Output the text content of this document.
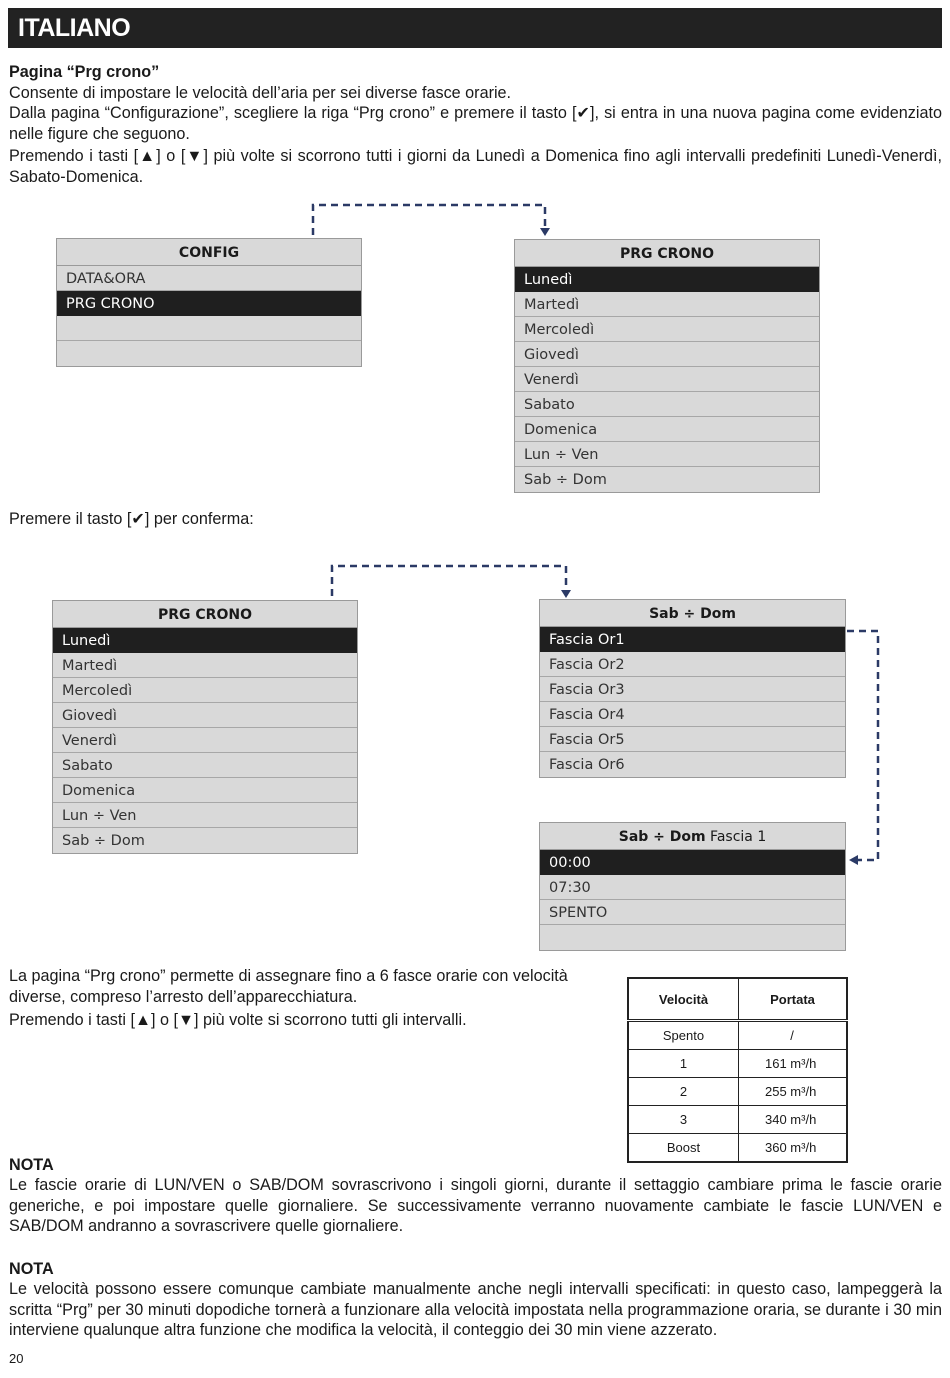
ITALIANO
Pagina “Prg crono”
Consente di impostare le velocità dell’aria per sei diverse fasce orarie.
Dalla pagina “Configurazione”, scegliere la riga “Prg crono” e premere il tasto [✔], si entra in una nuova pagina come evidenziato nelle figure che seguono.
Premendo i tasti [▲] o [▼] più volte si scorrono tutti i giorni da Lunedì a Domenica fino agli intervalli predefiniti Lunedì-Venerdì, Sabato-Domenica.
CONFIG
DATA&ORA
PRG CRONO
PRG CRONO
Lunedì
Martedì
Mercoledì
Giovedì
Venerdì
Sabato
Domenica
Lun ÷ Ven
Sab ÷ Dom
Premere il tasto [✔] per conferma:
PRG CRONO
Lunedì
Martedì
Mercoledì
Giovedì
Venerdì
Sabato
Domenica
Lun ÷ Ven
Sab ÷ Dom
Sab ÷ Dom
Fascia Or1
Fascia Or2
Fascia Or3
Fascia Or4
Fascia Or5
Fascia Or6
Sab ÷ Dom Fascia 1
00:00
07:30
SPENTO
La pagina “Prg crono” permette di assegnare fino a 6 fasce orarie con velocità diverse, compreso l’arresto dell’apparecchiatura.
Premendo i tasti [▲] o [▼] più volte si scorrono tutti gli intervalli.
Velocità	Portata
Spento	/
1	161 m³/h
2	255 m³/h
3	340 m³/h
Boost	360 m³/h
NOTA
Le fascie orarie di LUN/VEN o SAB/DOM sovrascrivono i singoli giorni, durante il settaggio cambiare prima le fascie orarie generiche, e poi impostare quelle giornaliere. Se successivamente verranno nuovamente cambiate le fascie LUN/VEN e SAB/DOM andranno a sovrascrivere quelle giornaliere.
NOTA
Le velocità possono essere comunque cambiate manualmente anche negli intervalli specificati: in questo caso, lampeggerà la scritta “Prg” per 30 minuti dopodiche tornerà a funzionare alla velocità impostata nella programmazione oraria, se durante i 30 min interviene qualunque altra funzione che modifica la velocità, il conteggio dei 30 min viene azzerato.
20
